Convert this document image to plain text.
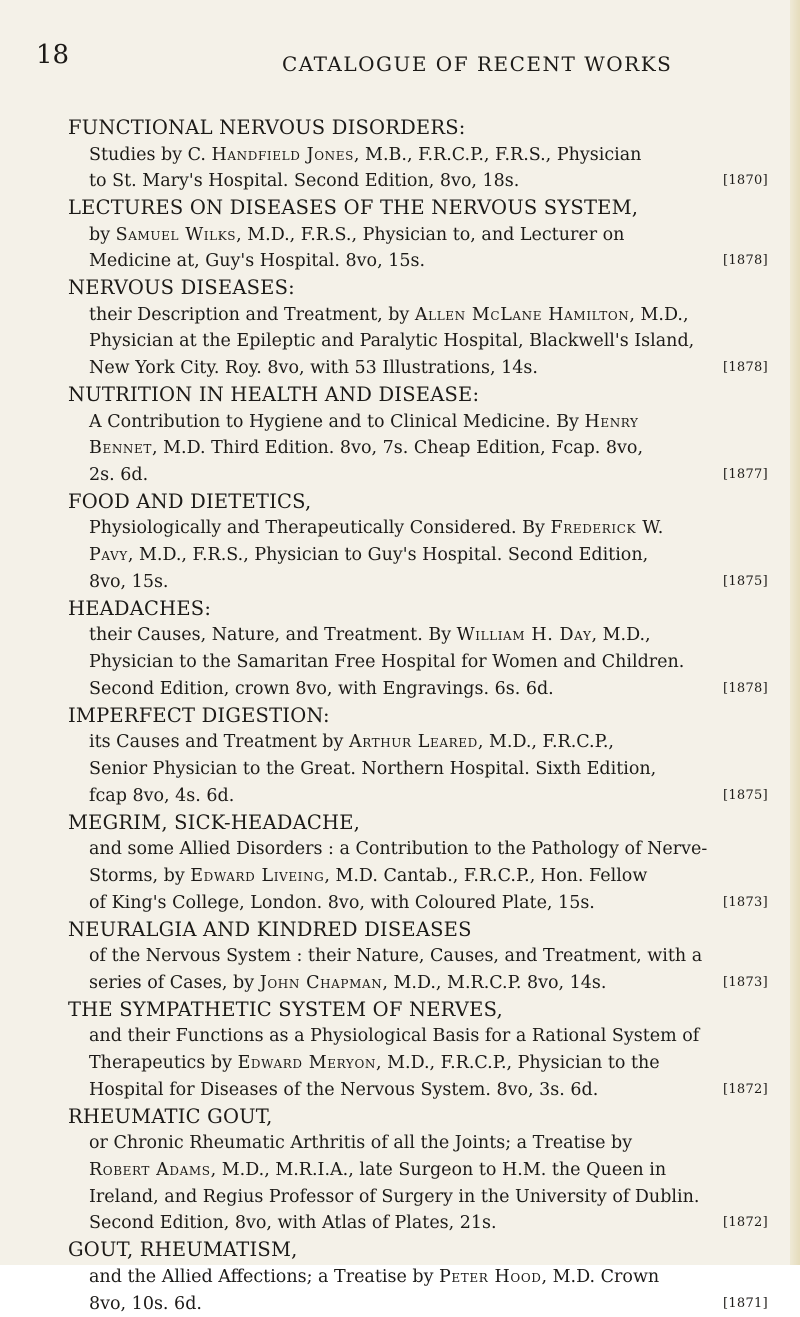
18	CATALOGUE OF RECENT WORKS
FUNCTIONAL NERVOUS DISORDERS:
Studies by C. Handfield Jones, M.B., F.R.C.P., F.R.S., Physician
to St. Mary's Hospital. Second Edition, 8vo, 18s.	[1870]
LECTURES ON DISEASES OF THE NERVOUS SYSTEM,
by Samuel Wilks, M.D., F.R.S., Physician to, and Lecturer on
Medicine at, Guy's Hospital. 8vo, 15s.	[1878]
NERVOUS DISEASES:
their Description and Treatment, by Allen McLane Hamilton, M.D.,
Physician at the Epileptic and Paralytic Hospital, Blackwell's Island,
New York City. Roy. 8vo, with 53 Illustrations, 14s.	[1878]
NUTRITION IN HEALTH AND DISEASE:
A Contribution to Hygiene and to Clinical Medicine. By Henry
Bennet, M.D. Third Edition. 8vo, 7s. Cheap Edition, Fcap. 8vo,
2s. 6d.	[1877]
FOOD AND DIETETICS,
Physiologically and Therapeutically Considered. By Frederick W.
Pavy, M.D., F.R.S., Physician to Guy's Hospital. Second Edition,
8vo, 15s.	[1875]
HEADACHES:
their Causes, Nature, and Treatment. By William H. Day, M.D.,
Physician to the Samaritan Free Hospital for Women and Children.
Second Edition, crown 8vo, with Engravings. 6s. 6d.	[1878]
IMPERFECT DIGESTION:
its Causes and Treatment by Arthur Leared, M.D., F.R.C.P.,
Senior Physician to the Great. Northern Hospital. Sixth Edition,
fcap 8vo, 4s. 6d.	[1875]
MEGRIM, SICK-HEADACHE,
and some Allied Disorders : a Contribution to the Pathology of Nerve-
Storms, by Edward Liveing, M.D. Cantab., F.R.C.P., Hon. Fellow
of King's College, London. 8vo, with Coloured Plate, 15s.	[1873]
NEURALGIA AND KINDRED DISEASES
of the Nervous System : their Nature, Causes, and Treatment, with a
series of Cases, by John Chapman, M.D., M.R.C.P. 8vo, 14s.	[1873]
THE SYMPATHETIC SYSTEM OF NERVES,
and their Functions as a Physiological Basis for a Rational System of
Therapeutics by Edward Meryon, M.D., F.R.C.P., Physician to the
Hospital for Diseases of the Nervous System. 8vo, 3s. 6d.	[1872]
RHEUMATIC GOUT,
or Chronic Rheumatic Arthritis of all the Joints; a Treatise by
Robert Adams, M.D., M.R.I.A., late Surgeon to H.M. the Queen in
Ireland, and Regius Professor of Surgery in the University of Dublin.
Second Edition, 8vo, with Atlas of Plates, 21s.	[1872]
GOUT, RHEUMATISM,
and the Allied Affections; a Treatise by Peter Hood, M.D. Crown
8vo, 10s. 6d.	[1871]
